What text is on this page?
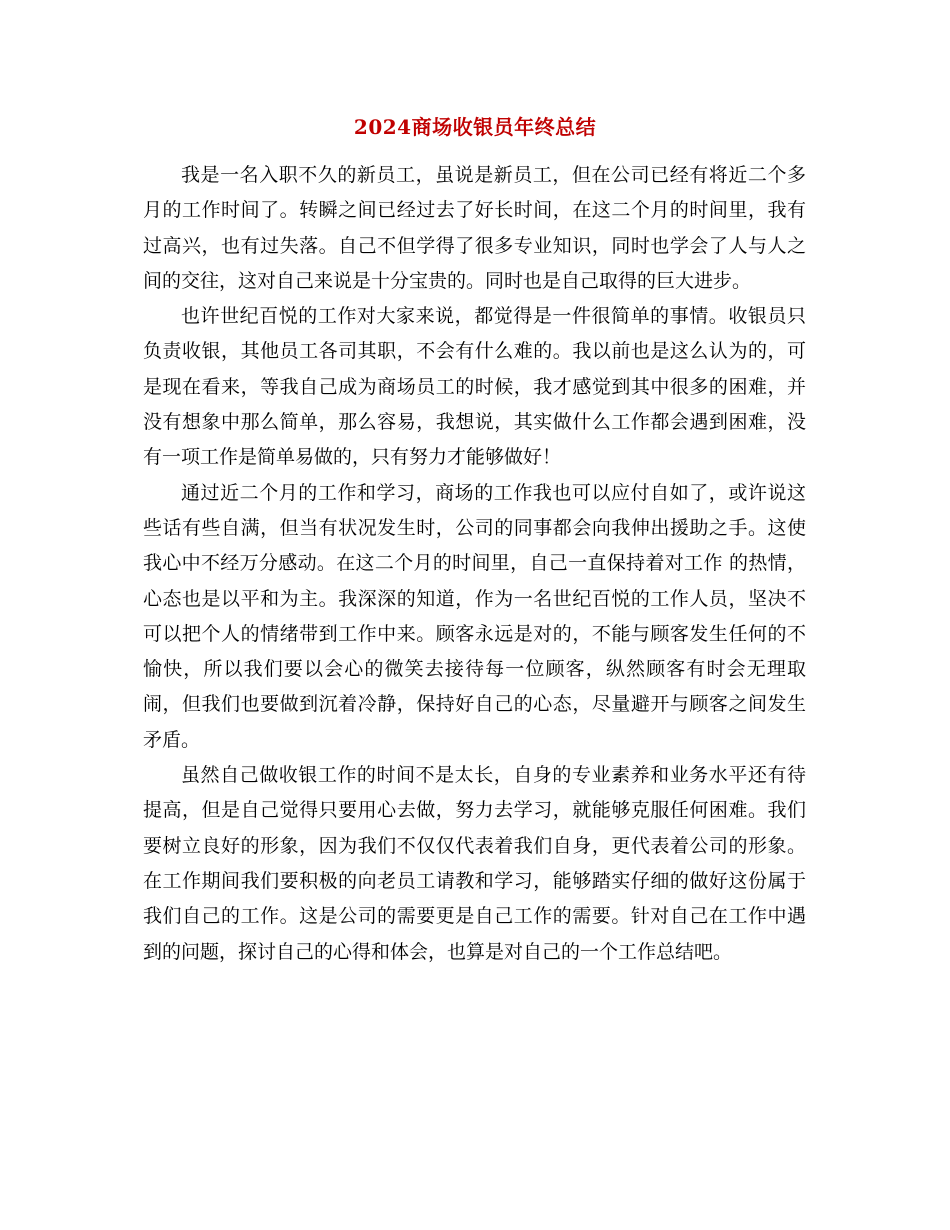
2024商场收银员年终总结

我是一名入职不久的新员工，虽说是新员工，但在公司已经有将近二个多月的工作时间了。转瞬之间已经过去了好长时间，在这二个月的时间里，我有过高兴，也有过失落。自己不但学得了很多专业知识，同时也学会了人与人之间的交往，这对自己来说是十分宝贵的。同时也是自己取得的巨大进步。

也许世纪百悦的工作对大家来说，都觉得是一件很简单的事情。收银员只负责收银，其他员工各司其职，不会有什么难的。我以前也是这么认为的，可是现在看来，等我自己成为商场员工的时候，我才感觉到其中很多的困难，并没有想象中那么简单，那么容易，我想说，其实做什么工作都会遇到困难，没有一项工作是简单易做的，只有努力才能够做好！

通过近二个月的工作和学习，商场的工作我也可以应付自如了，或许说这些话有些自满，但当有状况发生时，公司的同事都会向我伸出援助之手。这使我心中不经万分感动。在这二个月的时间里，自己一直保持着对工作 的热情，心态也是以平和为主。我深深的知道，作为一名世纪百悦的工作人员，坚决不可以把个人的情绪带到工作中来。顾客永远是对的，不能与顾客发生任何的不愉快，所以我们要以会心的微笑去接待每一位顾客，纵然顾客有时会无理取闹，但我们也要做到沉着冷静，保持好自己的心态，尽量避开与顾客之间发生矛盾。

虽然自己做收银工作的时间不是太长，自身的专业素养和业务水平还有待提高，但是自己觉得只要用心去做，努力去学习，就能够克服任何困难。我们要树立良好的形象，因为我们不仅仅代表着我们自身，更代表着公司的形象。在工作期间我们要积极的向老员工请教和学习，能够踏实仔细的做好这份属于我们自己的工作。这是公司的需要更是自己工作的需要。针对自己在工作中遇到的问题，探讨自己的心得和体会，也算是对自己的一个工作总结吧。
